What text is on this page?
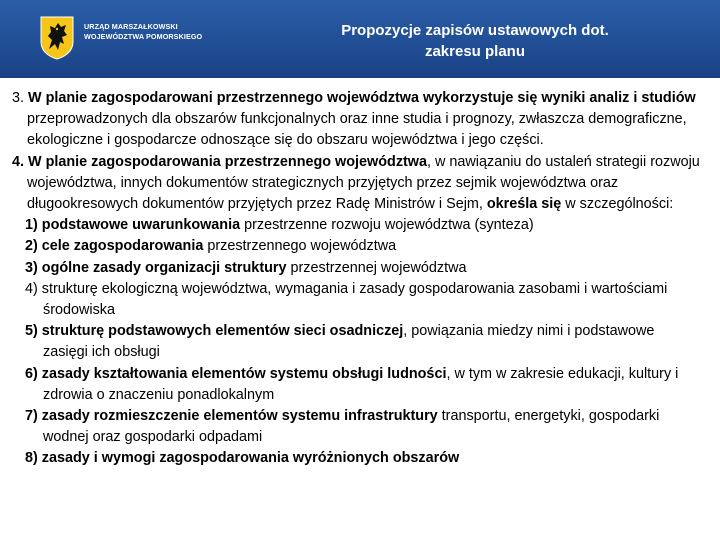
URZĄD MARSZAŁKOWSKI
WOJEWÓDZTWA POMORSKIEGO	Propozycje zapisów ustawowych dot.
zakresu planu

3. W planie zagospodarowani przestrzennego województwa wykorzystuje się wyniki analiz i studiów przeprowadzonych dla obszarów funkcjonalnych oraz inne studia i prognozy, zwłaszcza demograficzne, ekologiczne i gospodarcze odnoszące się do obszaru województwa i jego części.

4. W planie zagospodarowania przestrzennego województwa, w nawiązaniu do ustaleń strategii rozwoju województwa, innych dokumentów strategicznych przyjętych przez sejmik województwa oraz długookresowych dokumentów przyjętych przez Radę Ministrów i Sejm, określa się w szczególności:

1) podstawowe uwarunkowania przestrzenne rozwoju województwa (synteza)

2) cele zagospodarowania przestrzennego województwa

3) ogólne zasady organizacji struktury przestrzennej województwa

4) strukturę ekologiczną województwa, wymagania i zasady gospodarowania zasobami i wartościami środowiska

5) strukturę podstawowych elementów sieci osadniczej, powiązania miedzy nimi i podstawowe zasięgi ich obsługi

6) zasady kształtowania elementów systemu obsługi ludności, w tym w zakresie edukacji, kultury i zdrowia o znaczeniu ponadlokalnym

7) zasady rozmieszczenie elementów systemu infrastruktury transportu, energetyki, gospodarki wodnej oraz gospodarki odpadami

8) zasady i wymogi zagospodarowania wyróżnionych obszarów
